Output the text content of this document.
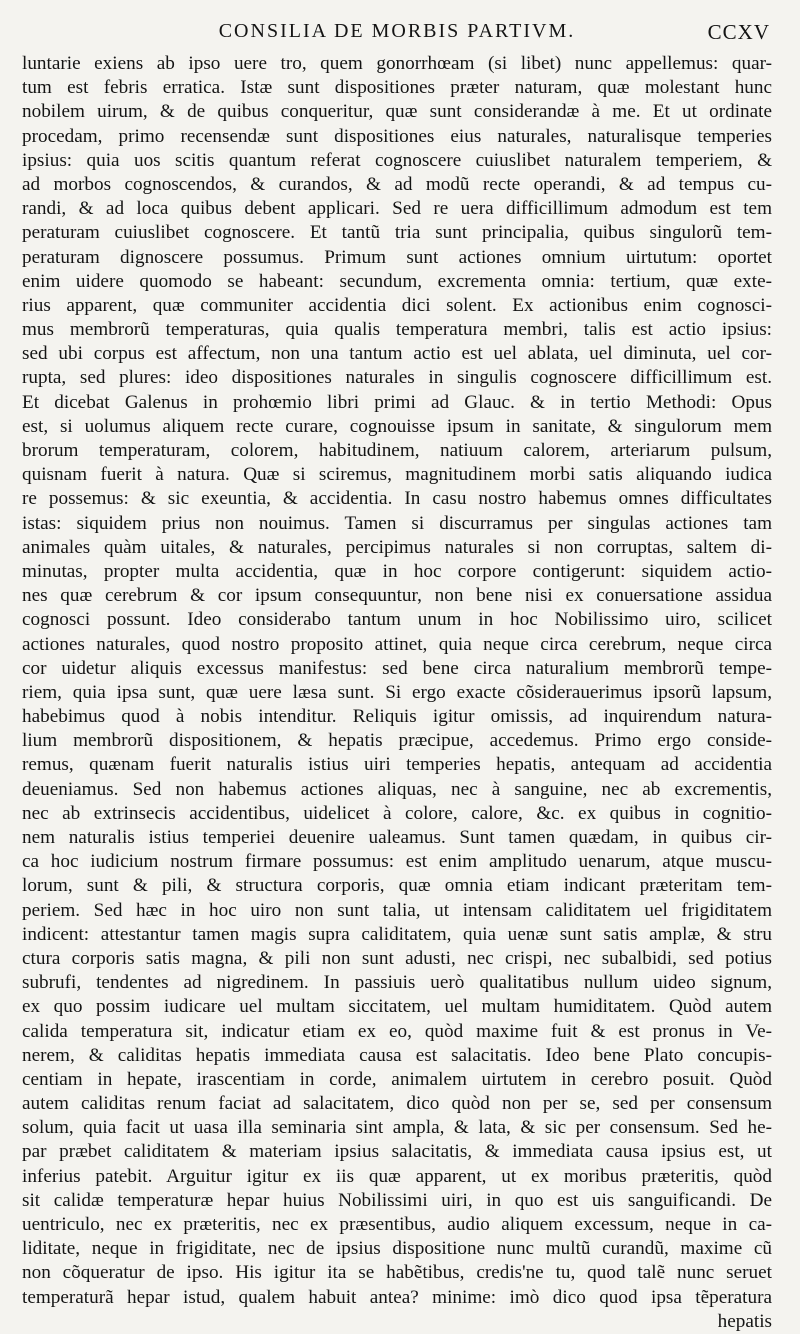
CONSILIA DE MORBIS PARTIVM.	CCXV
luntarie exiens ab ipso uere tro, quem gonorrhœam (si libet) nunc appellemus: quar-
tum est febris erratica. Istæ sunt dispositiones præter naturam, quæ molestant hunc
nobilem uirum, & de quibus conqueritur, quæ sunt considerandæ à me. Et ut ordinate
procedam, primo recensendæ sunt dispositiones eius naturales, naturalisque temperies
ipsius: quia uos scitis quantum referat cognoscere cuiuslibet naturalem temperiem, &
ad morbos cognoscendos, & curandos, & ad modũ recte operandi, & ad tempus cu-
randi, & ad loca quibus debent applicari. Sed re uera difficillimum admodum est tem
peraturam cuiuslibet cognoscere. Et tantũ tria sunt principalia, quibus singulorũ tem-
peraturam dignoscere possumus. Primum sunt actiones omnium uirtutum: oportet
enim uidere quomodo se habeant: secundum, excrementa omnia: tertium, quæ exte-
rius apparent, quæ communiter accidentia dici solent. Ex actionibus enim cognosci-
mus membrorũ temperaturas, quia qualis temperatura membri, talis est actio ipsius:
sed ubi corpus est affectum, non una tantum actio est uel ablata, uel diminuta, uel cor-
rupta, sed plures: ideo dispositiones naturales in singulis cognoscere difficillimum est.
Et dicebat Galenus in prohœmio libri primi ad Glauc. & in tertio Methodi: Opus
est, si uolumus aliquem recte curare, cognouisse ipsum in sanitate, & singulorum mem
brorum temperaturam, colorem, habitudinem, natiuum calorem, arteriarum pulsum,
quisnam fuerit à natura. Quæ si sciremus, magnitudinem morbi satis aliquando iudica
re possemus: & sic exeuntia, & accidentia. In casu nostro habemus omnes difficultates
istas: siquidem prius non nouimus. Tamen si discurramus per singulas actiones tam
animales quàm uitales, & naturales, percipimus naturales si non corruptas, saltem di-
minutas, propter multa accidentia, quæ in hoc corpore contigerunt: siquidem actio-
nes quæ cerebrum & cor ipsum consequuntur, non bene nisi ex conuersatione assidua
cognosci possunt. Ideo considerabo tantum unum in hoc Nobilissimo uiro, scilicet
actiones naturales, quod nostro proposito attinet, quia neque circa cerebrum, neque circa
cor uidetur aliquis excessus manifestus: sed bene circa naturalium membrorũ tempe-
riem, quia ipsa sunt, quæ uere læsa sunt. Si ergo exacte cõsiderauerimus ipsorũ lapsum,
habebimus quod à nobis intenditur. Reliquis igitur omissis, ad inquirendum natura-
lium membrorũ dispositionem, & hepatis præcipue, accedemus. Primo ergo conside-
remus, quænam fuerit naturalis istius uiri temperies hepatis, antequam ad accidentia
deueniamus. Sed non habemus actiones aliquas, nec à sanguine, nec ab excrementis,
nec ab extrinsecis accidentibus, uidelicet à colore, calore, &c. ex quibus in cognitio-
nem naturalis istius temperiei deuenire ualeamus. Sunt tamen quædam, in quibus cir-
ca hoc iudicium nostrum firmare possumus: est enim amplitudo uenarum, atque muscu-
lorum, sunt & pili, & structura corporis, quæ omnia etiam indicant præteritam tem-
periem. Sed hæc in hoc uiro non sunt talia, ut intensam caliditatem uel frigiditatem
indicent: attestantur tamen magis supra caliditatem, quia uenæ sunt satis amplæ, & stru
ctura corporis satis magna, & pili non sunt adusti, nec crispi, nec subalbidi, sed potius
subrufi, tendentes ad nigredinem. In passiuis uerò qualitatibus nullum uideo signum,
ex quo possim iudicare uel multam siccitatem, uel multam humiditatem. Quòd autem
calida temperatura sit, indicatur etiam ex eo, quòd maxime fuit & est pronus in Ve-
nerem, & caliditas hepatis immediata causa est salacitatis. Ideo bene Plato concupis-
centiam in hepate, irascentiam in corde, animalem uirtutem in cerebro posuit. Quòd
autem caliditas renum faciat ad salacitatem, dico quòd non per se, sed per consensum
solum, quia facit ut uasa illa seminaria sint ampla, & lata, & sic per consensum. Sed he-
par præbet caliditatem & materiam ipsius salacitatis, & immediata causa ipsius est, ut
inferius patebit. Arguitur igitur ex iis quæ apparent, ut ex moribus præteritis, quòd
sit calidæ temperaturæ hepar huius Nobilissimi uiri, in quo est uis sanguificandi. De
uentriculo, nec ex præteritis, nec ex præsentibus, audio aliquem excessum, neque in ca-
liditate, neque in frigiditate, nec de ipsius dispositione nunc multũ curandũ, maxime cũ
non cõqueratur de ipso. His igitur ita se habẽtibus, credis'ne tu, quod talẽ nunc seruet
temperaturã hepar istud, qualem habuit antea? minime: imò dico quod ipsa tẽperatura
hepatis
